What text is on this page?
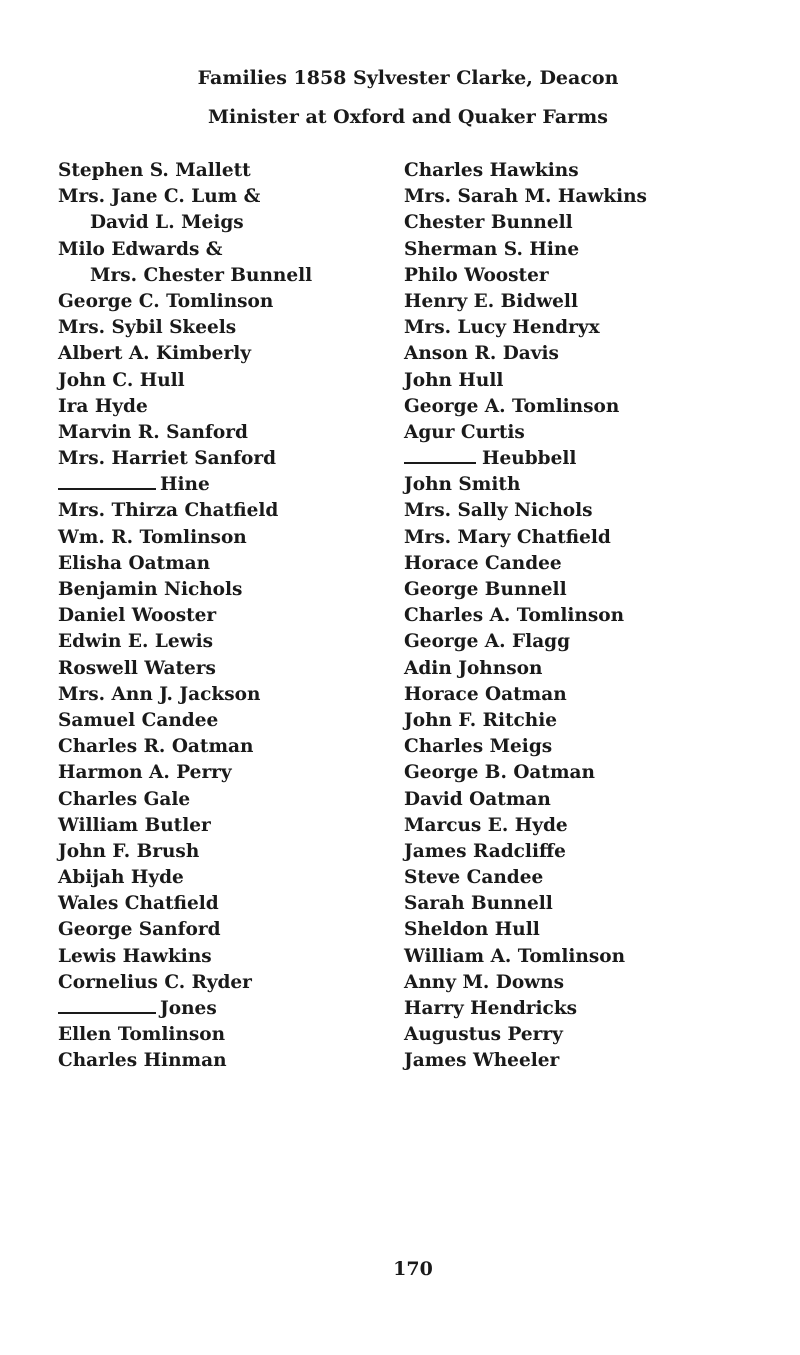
Families 1858 Sylvester Clarke, Deacon
Minister at Oxford and Quaker Farms
Stephen S. Mallett
Mrs. Jane C. Lum &
David L. Meigs
Milo Edwards &
Mrs. Chester Bunnell
George C. Tomlinson
Mrs. Sybil Skeels
Albert A. Kimberly
John C. Hull
Ira Hyde
Marvin R. Sanford
Mrs. Harriet Sanford
Hine
Mrs. Thirza Chatfield
Wm. R. Tomlinson
Elisha Oatman
Benjamin Nichols
Daniel Wooster
Edwin E. Lewis
Roswell Waters
Mrs. Ann J. Jackson
Samuel Candee
Charles R. Oatman
Harmon A. Perry
Charles Gale
William Butler
John F. Brush
Abijah Hyde
Wales Chatfield
George Sanford
Lewis Hawkins
Cornelius C. Ryder
Jones
Ellen Tomlinson
Charles Hinman
Charles Hawkins
Mrs. Sarah M. Hawkins
Chester Bunnell
Sherman S. Hine
Philo Wooster
Henry E. Bidwell
Mrs. Lucy Hendryx
Anson R. Davis
John Hull
George A. Tomlinson
Agur Curtis
Heubbell
John Smith
Mrs. Sally Nichols
Mrs. Mary Chatfield
Horace Candee
George Bunnell
Charles A. Tomlinson
George A. Flagg
Adin Johnson
Horace Oatman
John F. Ritchie
Charles Meigs
George B. Oatman
David Oatman
Marcus E. Hyde
James Radcliffe
Steve Candee
Sarah Bunnell
Sheldon Hull
William A. Tomlinson
Anny M. Downs
Harry Hendricks
Augustus Perry
James Wheeler
170
